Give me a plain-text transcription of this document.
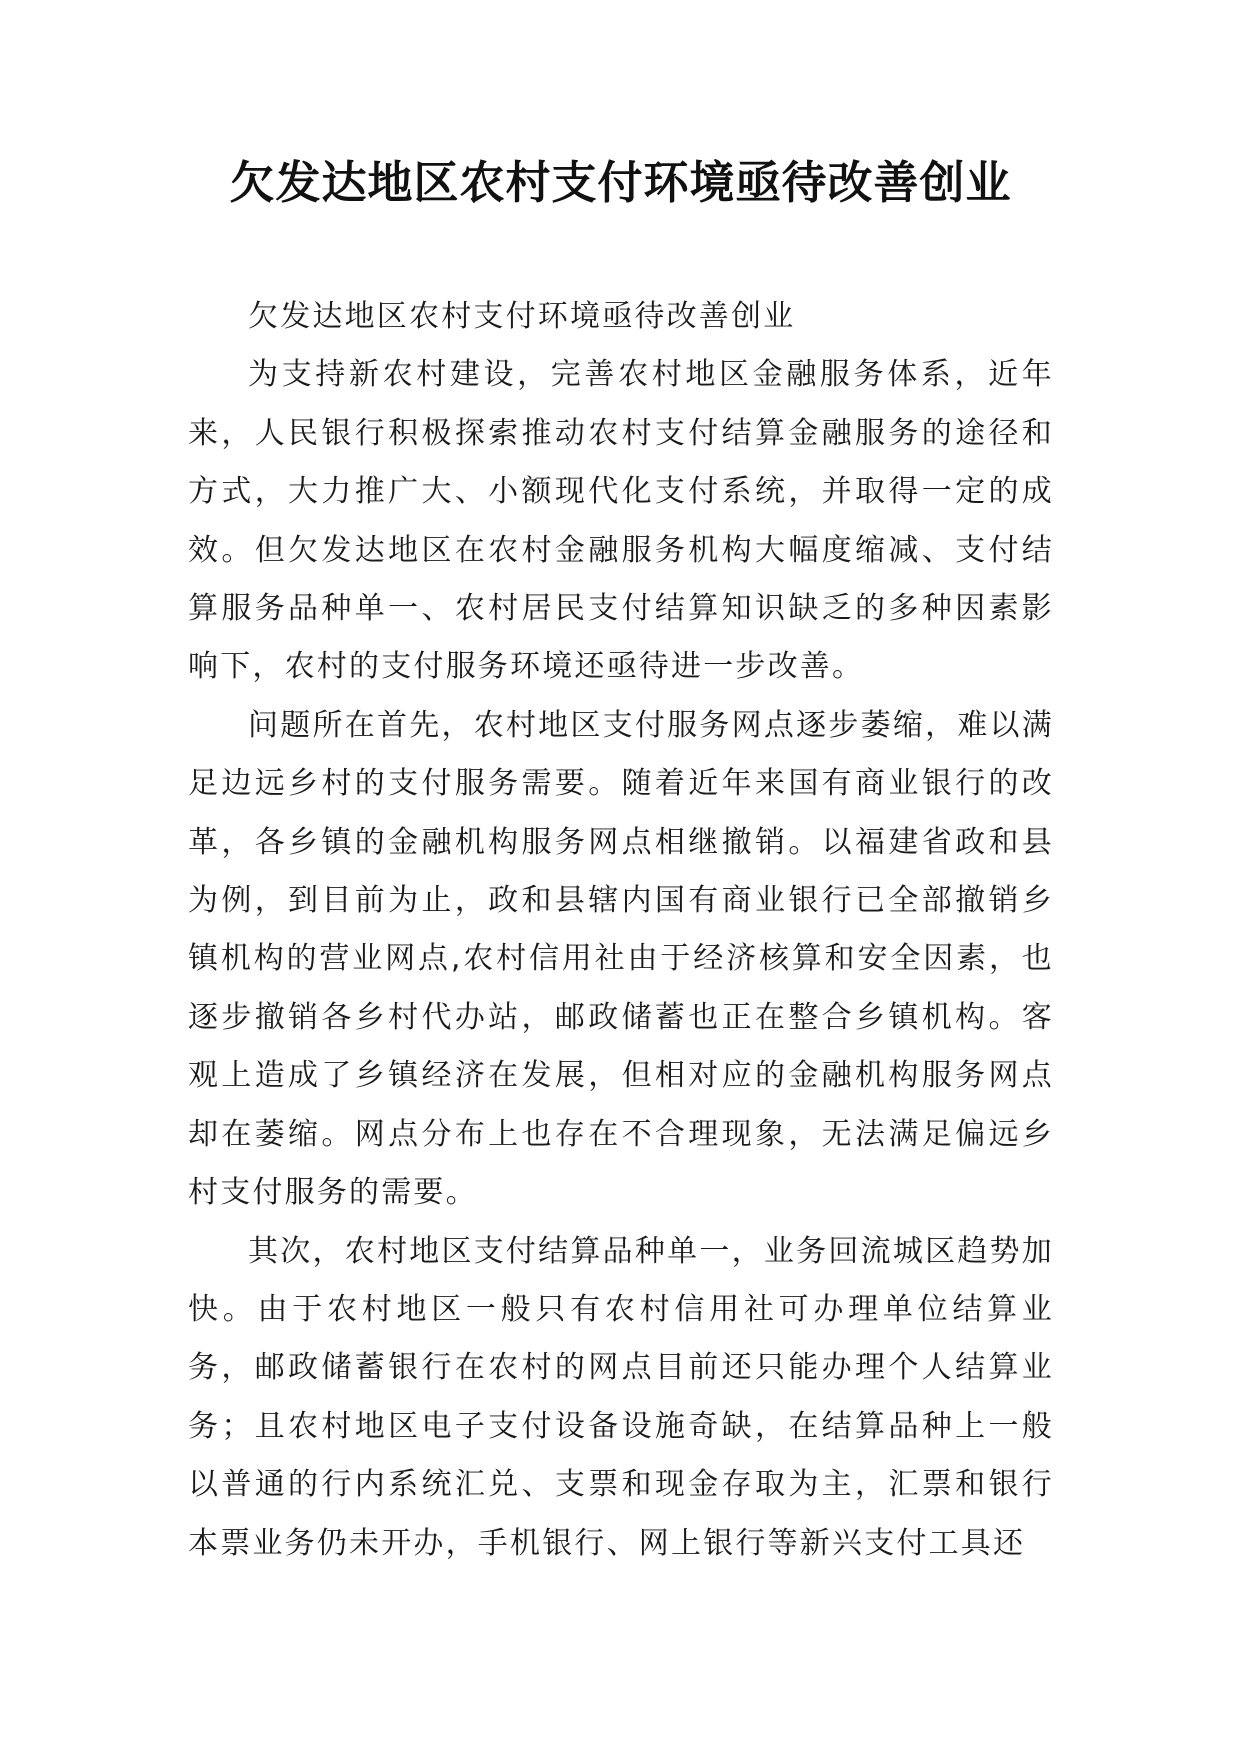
欠发达地区农村支付环境亟待改善创业

欠发达地区农村支付环境亟待改善创业

为支持新农村建设，完善农村地区金融服务体系，近年来，人民银行积极探索推动农村支付结算金融服务的途径和方式，大力推广大、小额现代化支付系统，并取得一定的成效。但欠发达地区在农村金融服务机构大幅度缩减、支付结算服务品种单一、农村居民支付结算知识缺乏的多种因素影响下，农村的支付服务环境还亟待进一步改善。

问题所在首先，农村地区支付服务网点逐步萎缩，难以满足边远乡村的支付服务需要。随着近年来国有商业银行的改革，各乡镇的金融机构服务网点相继撤销。以福建省政和县为例，到目前为止，政和县辖内国有商业银行已全部撤销乡镇机构的营业网点,农村信用社由于经济核算和安全因素，也逐步撤销各乡村代办站，邮政储蓄也正在整合乡镇机构。客观上造成了乡镇经济在发展，但相对应的金融机构服务网点却在萎缩。网点分布上也存在不合理现象，无法满足偏远乡村支付服务的需要。

其次，农村地区支付结算品种单一，业务回流城区趋势加快。由于农村地区一般只有农村信用社可办理单位结算业务，邮政储蓄银行在农村的网点目前还只能办理个人结算业务；且农村地区电子支付设备设施奇缺，在结算品种上一般以普通的行内系统汇兑、支票和现金存取为主，汇票和银行本票业务仍未开办，手机银行、网上银行等新兴支付工具还
